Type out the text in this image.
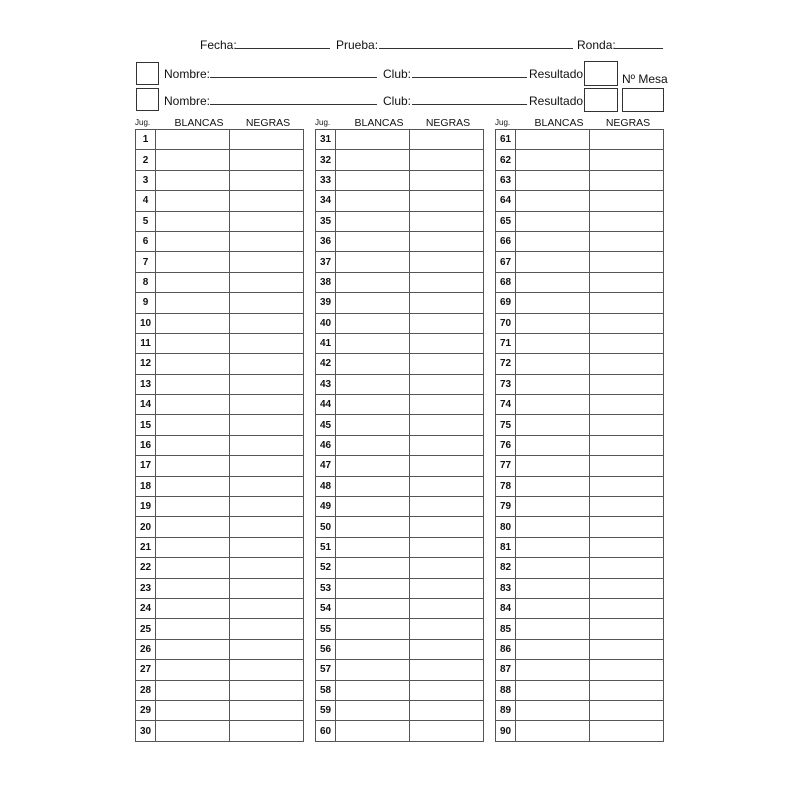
Fecha:	Prueba:	Ronda:
Nombre:	Club:	Resultado	Nº Mesa
Nombre:	Club:	Resultado
Jug.	BLANCAS	NEGRAS
1		
2		
3		
4		
5		
6		
7		
8		
9		
10		
11		
12		
13		
14		
15		
16		
17		
18		
19		
20		
21		
22		
23		
24		
25		
26		
27		
28		
29		
30		
Jug.	BLANCAS	NEGRAS
31		
32		
33		
34		
35		
36		
37		
38		
39		
40		
41		
42		
43		
44		
45		
46		
47		
48		
49		
50		
51		
52		
53		
54		
55		
56		
57		
58		
59		
60		
Jug.	BLANCAS	NEGRAS
61		
62		
63		
64		
65		
66		
67		
68		
69		
70		
71		
72		
73		
74		
75		
76		
77		
78		
79		
80		
81		
82		
83		
84		
85		
86		
87		
88		
89		
90		
